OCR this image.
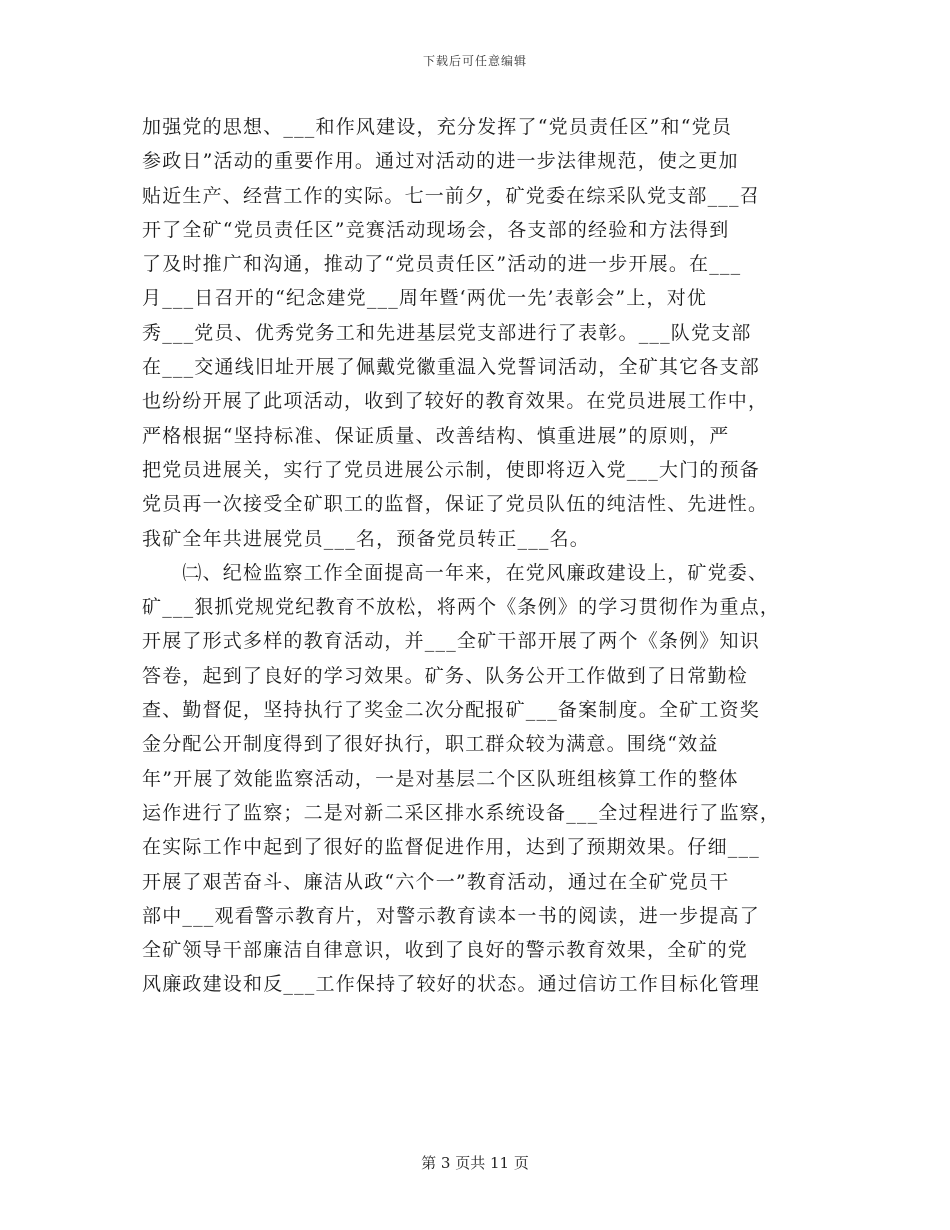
下载后可任意编辑
加强党的思想、___和作风建设，充分发挥了“党员责任区”和“党员
参政日”活动的重要作用。通过对活动的进一步法律规范，使之更加
贴近生产、经营工作的实际。七一前夕，矿党委在综采队党支部___召
开了全矿“党员责任区”竞赛活动现场会，各支部的经验和方法得到
了及时推广和沟通，推动了“党员责任区”活动的进一步开展。在___
月___日召开的“纪念建党___周年暨‘两优一先’表彰会”上，对优
秀___党员、优秀党务工和先进基层党支部进行了表彰。___队党支部
在___交通线旧址开展了佩戴党徽重温入党誓词活动，全矿其它各支部
也纷纷开展了此项活动，收到了较好的教育效果。在党员进展工作中，
严格根据“坚持标准、保证质量、改善结构、慎重进展”的原则，严
把党员进展关，实行了党员进展公示制，使即将迈入党___大门的预备
党员再一次接受全矿职工的监督，保证了党员队伍的纯洁性、先进性。
我矿全年共进展党员___名，预备党员转正___名。
　　㈡、纪检监察工作全面提高一年来，在党风廉政建设上，矿党委、
矿___狠抓党规党纪教育不放松，将两个《条例》的学习贯彻作为重点，
开展了形式多样的教育活动，并___全矿干部开展了两个《条例》知识
答卷，起到了良好的学习效果。矿务、队务公开工作做到了日常勤检
查、勤督促，坚持执行了奖金二次分配报矿___备案制度。全矿工资奖
金分配公开制度得到了很好执行，职工群众较为满意。围绕“效益
年”开展了效能监察活动，一是对基层二个区队班组核算工作的整体
运作进行了监察；二是对新二采区排水系统设备___全过程进行了监察，
在实际工作中起到了很好的监督促进作用，达到了预期效果。仔细___
开展了艰苦奋斗、廉洁从政“六个一”教育活动，通过在全矿党员干
部中___观看警示教育片，对警示教育读本一书的阅读，进一步提高了
全矿领导干部廉洁自律意识，收到了良好的警示教育效果，全矿的党
风廉政建设和反___工作保持了较好的状态。通过信访工作目标化管理
第 3 页共 11 页
